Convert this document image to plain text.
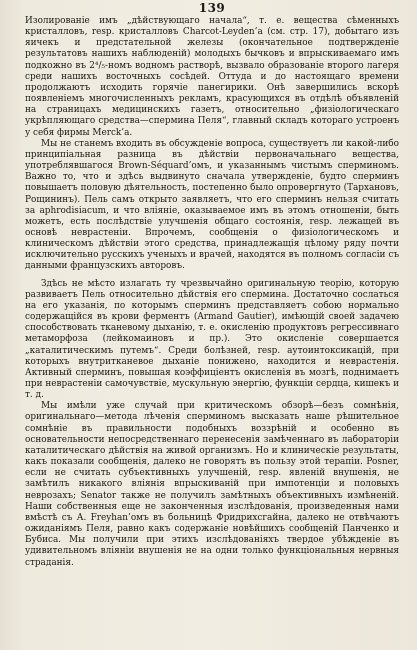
139

Изолированіе имъ „дѣйствующаго начала“, т. е. вещества сѣменныхъ кристалловъ, resp. кристалловъ Charcot-Leyden’a (см. стр. 17), добытаго изъ яичекъ и предстательной железы (окончательное подтвержденіе результатовъ нашихъ наблюденій) молодыхъ бычковъ и впрыскиваемаго имъ подкожно въ 2⁴/₅-номъ водномъ растворѣ, вызвало образованіе второго лагеря среди нашихъ восточныхъ сосѣдей. Оттуда и до настоящаго времени продолжаютъ исходить горячіе панегирики. Онѣ завершились вскорѣ появленіемъ многочисленныхъ рекламъ, красующихся въ отдѣлѣ объявленій на страницахъ медицинскихъ газетъ, относительно „физіологическаго укрѣпляющаго средства—спермина Пеля“, главный складъ котораго устроенъ у себя фирмы Merck’a.

Мы не станемъ входить въ обсужденіе вопроса, существуетъ ли какой-либо принципіальная разница въ дѣйствіи первоначальнаго вещества, употреблявшагося Brown-Séquard’омъ, и указаннымъ чистымъ сперминомъ. Важно то, что и здѣсь выдвинуто сначала утвержденіе, будто сперминъ повышаетъ половую дѣятельность, постепенно было опровергнуто (Тархановъ, Рощининъ). Пель самъ открыто заявляетъ, что его сперминъ нельзя считать за aphrodisiacum, и что вліяніе, оказываемое имъ въ этомъ отношеніи, быть можетъ, есть послѣдствіе улучшенія общаго состоянія, resp. лежащей въ основѣ неврастеніи. Впрочемъ, сообщенія о физіологическомъ и клиническомъ дѣйствіи этого средства, принадлежащія цѣлому ряду почти исключительно русскихъ ученыхъ и врачей, находятся въ полномъ согласіи съ данными французскихъ авторовъ.

Здѣсь не мѣсто излагать ту чрезвычайно оригинальную теорію, которую развиваетъ Пель относительно дѣйствія его спермина. Достаточно сослаться на его указанія, по которымъ сперминъ представляетъ собою нормально содержащійся въ крови ферментъ (Armand Gautier), имѣющій своей задачею способствовать тканевому дыханію, т. е. окисленію продуктовъ регрессивнаго метаморфоза (лейкомаиновъ и пр.). Это окисленіе совершается „каталитическимъ путемъ“. Среди болѣзней, resp. аутоинтоксикацій, при которыхъ внутритканевое дыханіе понижено, находится и неврастенія. Активный сперминъ, повышая коэффиціентъ окисленія въ мозгѣ, поднимаетъ при неврастеніи самочувствіе, мускульную энергію, функціи сердца, кишекъ и т. д.

Мы имѣли уже случай при критическомъ обзорѣ—безъ сомнѣнія, оригинальнаго—метода лѣченія сперминомъ высказать наше рѣшительное сомнѣніе въ правильности подобныхъ воззрѣній и особенно въ основательности непосредственнаго перенесенія замѣченнаго въ лабораторіи каталитическаго дѣйствія на живой организмъ. Но и клиническіе результаты, какъ показали сообщенія, далеко не говорятъ въ пользу этой терапіи. Posner, если не считать субъективныхъ улучшеній, resp. явленій внушенія, не замѣтилъ никакого вліянія впрыскиваній при импотенціи и половыхъ неврозахъ; Senator также не получилъ замѣтныхъ объективныхъ измѣненій. Наши собственныя еще не законченныя изслѣдованія, произведенныя нами вмѣстѣ съ А. Freyhan’омъ въ больницѣ Фридрихсгайна, далеко не отвѣчаютъ ожиданіямъ Пеля, равно какъ содержаніе новѣйшихъ сообщеній Панченко и Бубиса. Мы получили при этихъ изслѣдованіяхъ твердое убѣжденіе въ удивительномъ вліяніи внушенія не на одни только функціональныя нервныя страданія.
